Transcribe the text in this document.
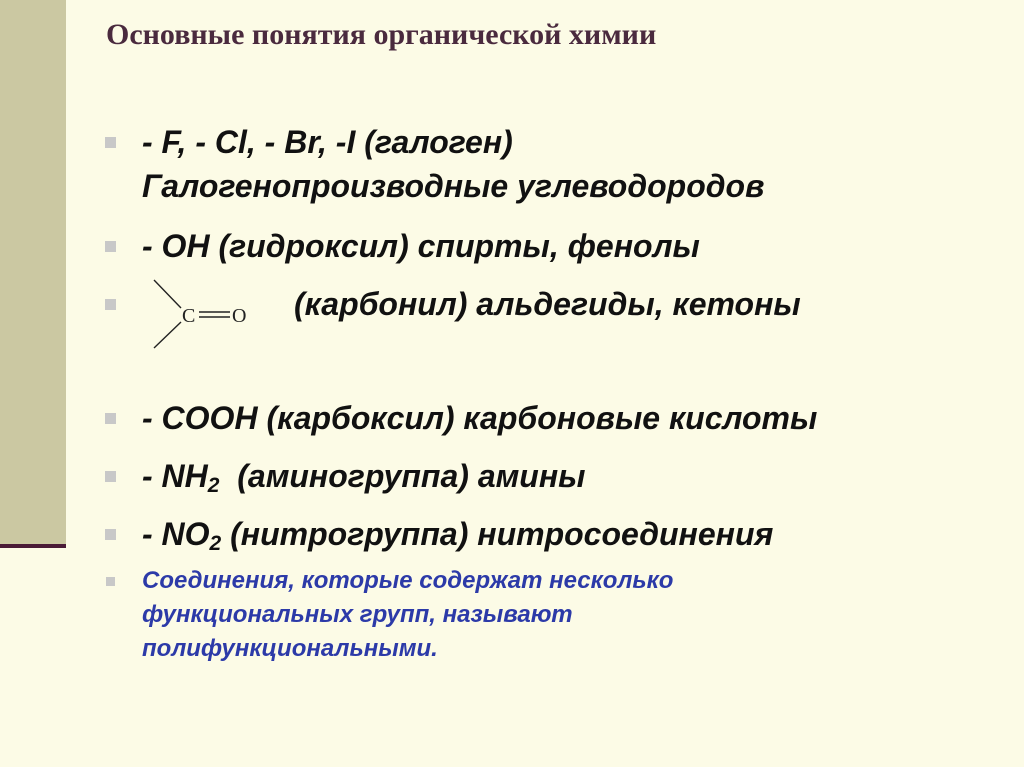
Основные понятия органической химии
- F, - Cl, - Br, -I (галоген)
Галогенопроизводные углеводородов
- OH (гидроксил) спирты, фенолы
C O (карбонил) альдегиды, кетоны
- COOH (карбоксил) карбоновые кислоты
- $NH_2$  (аминогруппа) амины
- $NO_2$ (нитрогруппа) нитросоединения
Соединения, которые содержат несколько функциональных групп, называют полифункциональными.
